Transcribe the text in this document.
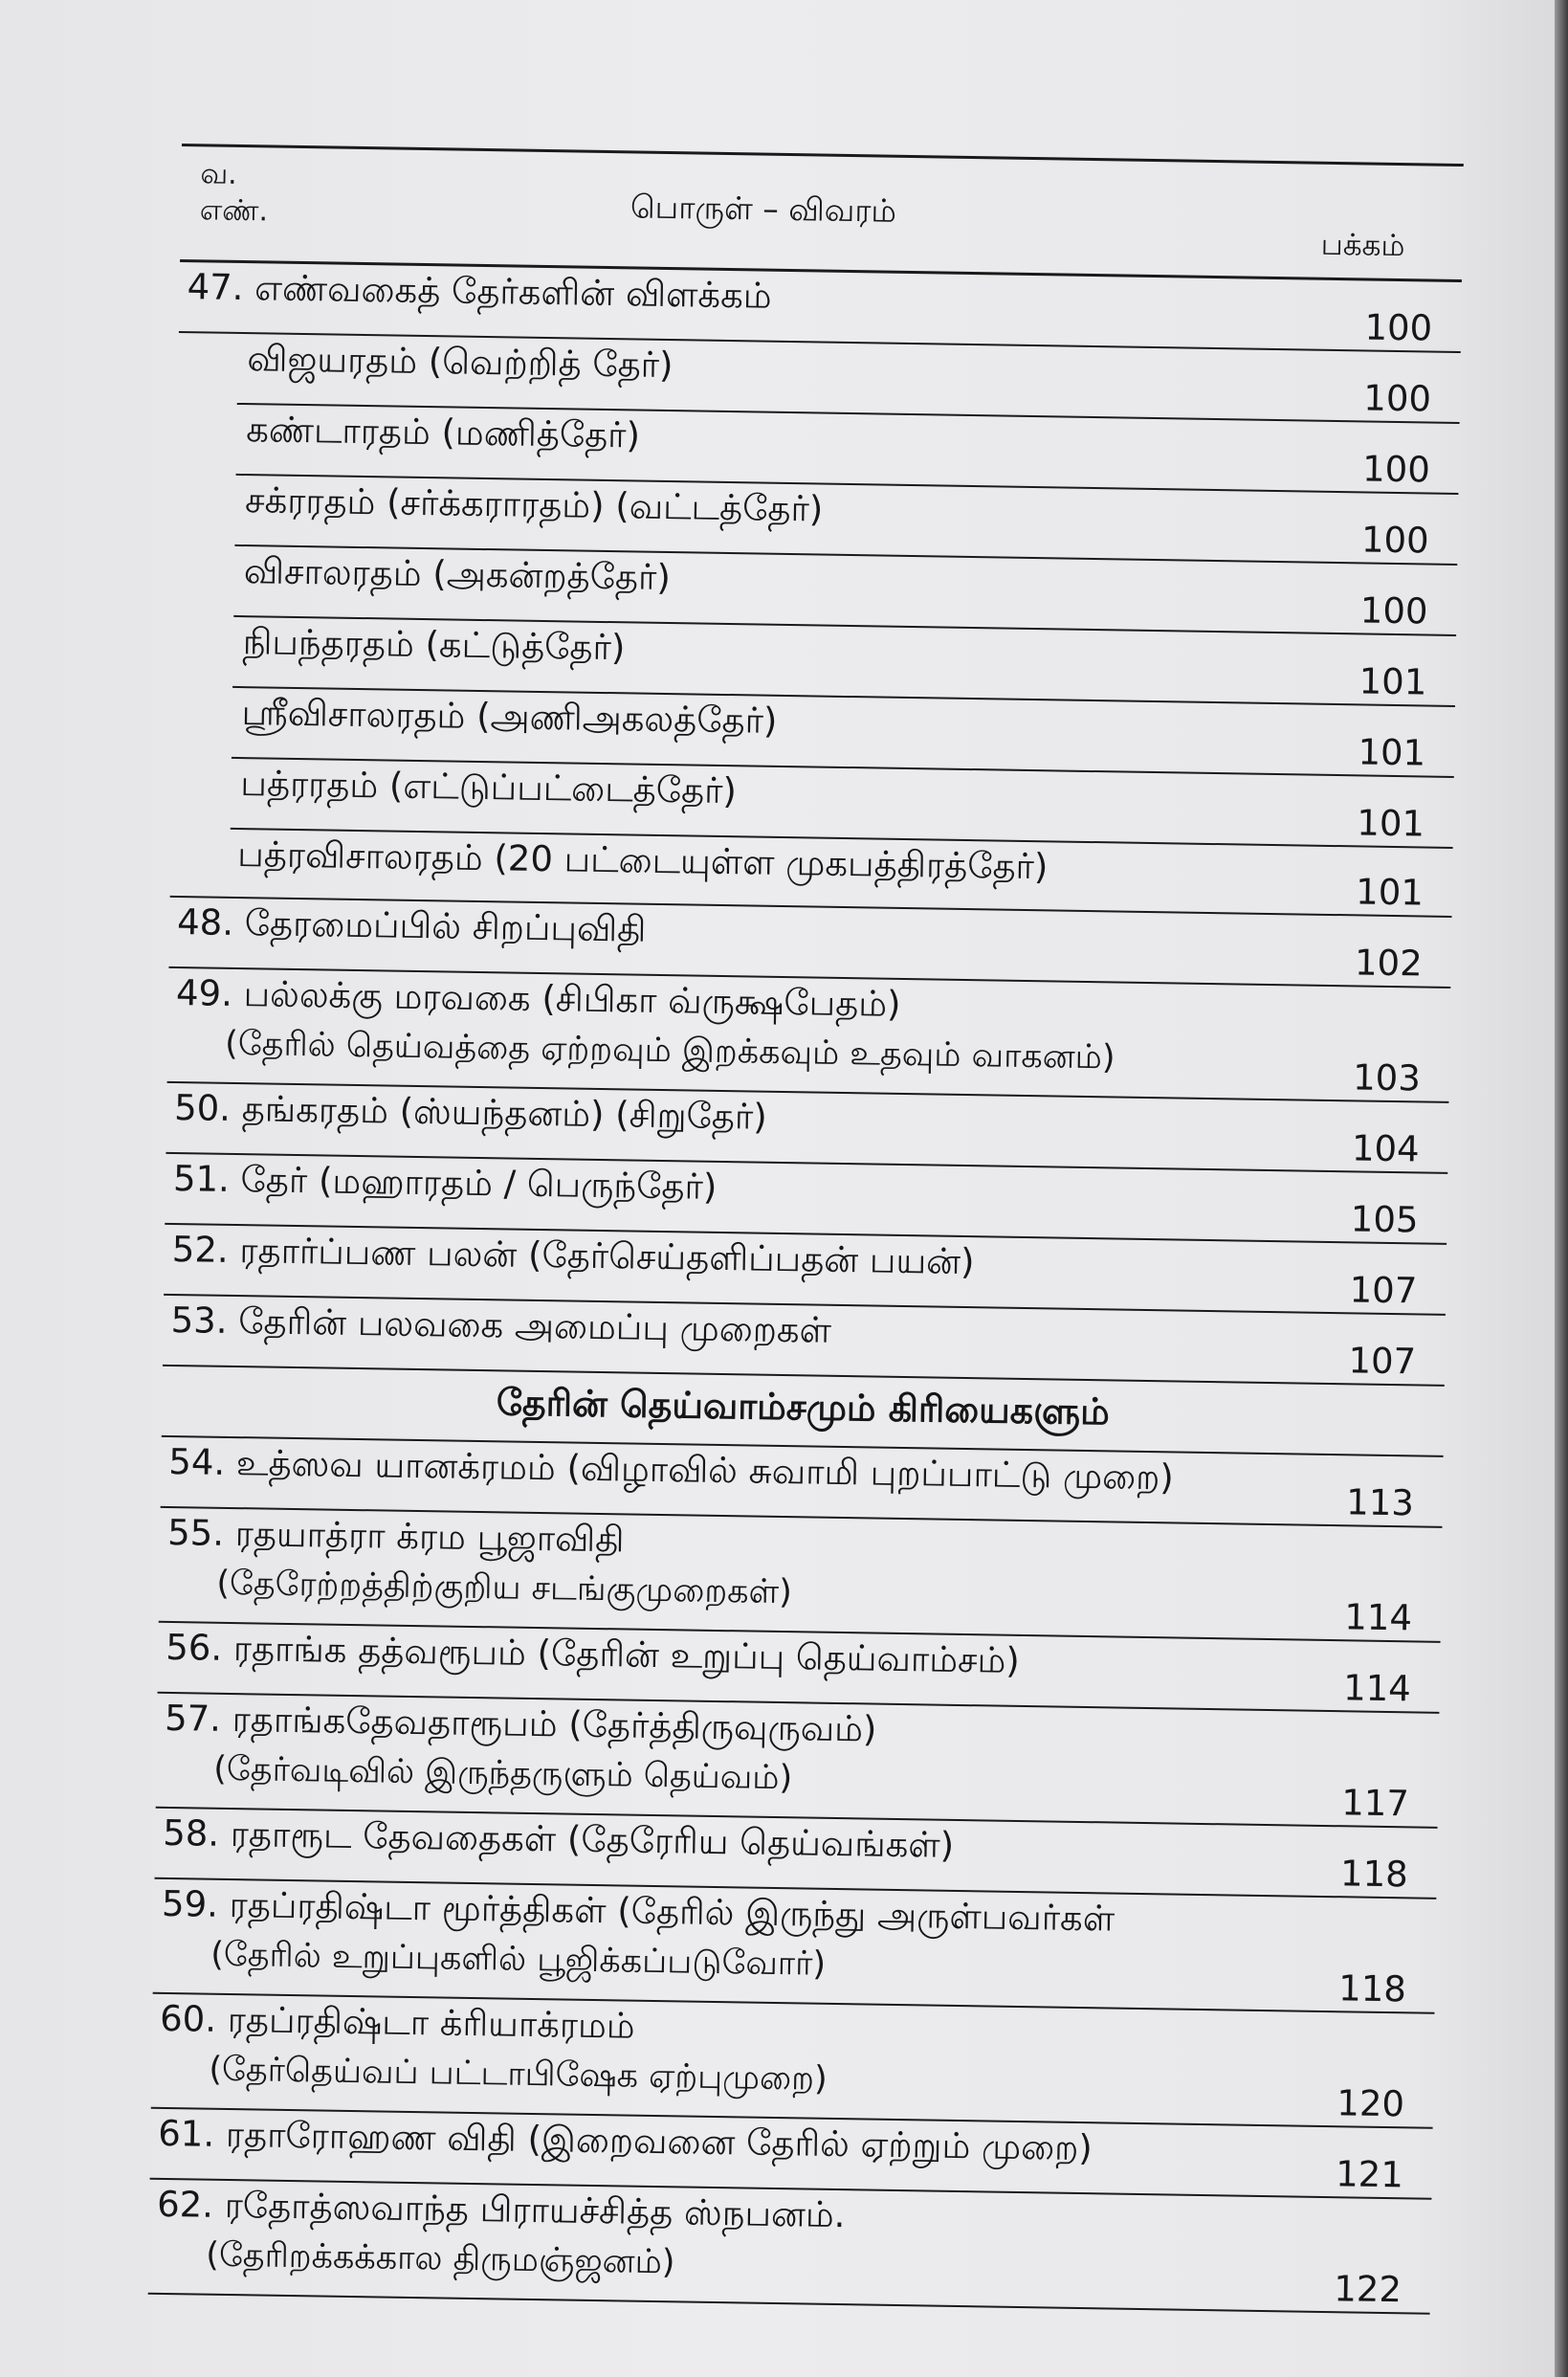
வ.
எண்.	பொருள் – விவரம்
பக்கம்
47. எண்வகைத் தேர்களின் விளக்கம்
100
விஜயரதம் (வெற்றித் தேர்)
100
கண்டாரதம் (மணித்தேர்)
100
சக்ரரதம் (சர்க்கராரதம்) (வட்டத்தேர்)
100
விசாலரதம் (அகன்றத்தேர்)
100
நிபந்தரதம் (கட்டுத்தேர்)
101
ஸ்ரீவிசாலரதம் (அணிஅகலத்தேர்)
101
பத்ரரதம் (எட்டுப்பட்டைத்தேர்)
101
பத்ரவிசாலரதம் (20 பட்டையுள்ள முகபத்திரத்தேர்)
101
48. தேரமைப்பில் சிறப்புவிதி
102
49. பல்லக்கு மரவகை (சிபிகா வ்ருக்ஷபேதம்)
(தேரில் தெய்வத்தை ஏற்றவும் இறக்கவும் உதவும் வாகனம்)
103
50. தங்கரதம் (ஸ்யந்தனம்) (சிறுதேர்)
104
51. தேர் (மஹாரதம் / பெருந்தேர்)
105
52. ரதார்ப்பண பலன் (தேர்செய்தளிப்பதன் பயன்)
107
53. தேரின் பலவகை அமைப்பு முறைகள்
107
தேரின் தெய்வாம்சமும் கிரியைகளும்
54. உத்ஸவ யானக்ரமம் (விழாவில் சுவாமி புறப்பாட்டு முறை)
113
55. ரதயாத்ரா க்ரம பூஜாவிதி
(தேரேற்றத்திற்குறிய சடங்குமுறைகள்)
114
56. ரதாங்க தத்வரூபம் (தேரின் உறுப்பு தெய்வாம்சம்)
114
57. ரதாங்கதேவதாரூபம் (தேர்த்திருவுருவம்)
(தேர்வடிவில் இருந்தருளும் தெய்வம்)
117
58. ரதாரூட தேவதைகள் (தேரேரிய தெய்வங்கள்)
118
59. ரதப்ரதிஷ்டா மூர்த்திகள் (தேரில் இருந்து அருள்பவர்கள்
(தேரில் உறுப்புகளில் பூஜிக்கப்படுவோர்)
118
60. ரதப்ரதிஷ்டா க்ரியாக்ரமம்
(தேர்தெய்வப் பட்டாபிஷேக ஏற்புமுறை)
120
61. ரதாரோஹண விதி (இறைவனை தேரில் ஏற்றும் முறை)
121
62. ரதோத்ஸவாந்த பிராயச்சித்த ஸ்நபனம்.
(தேரிறக்கக்கால திருமஞ்ஜனம்)
122
